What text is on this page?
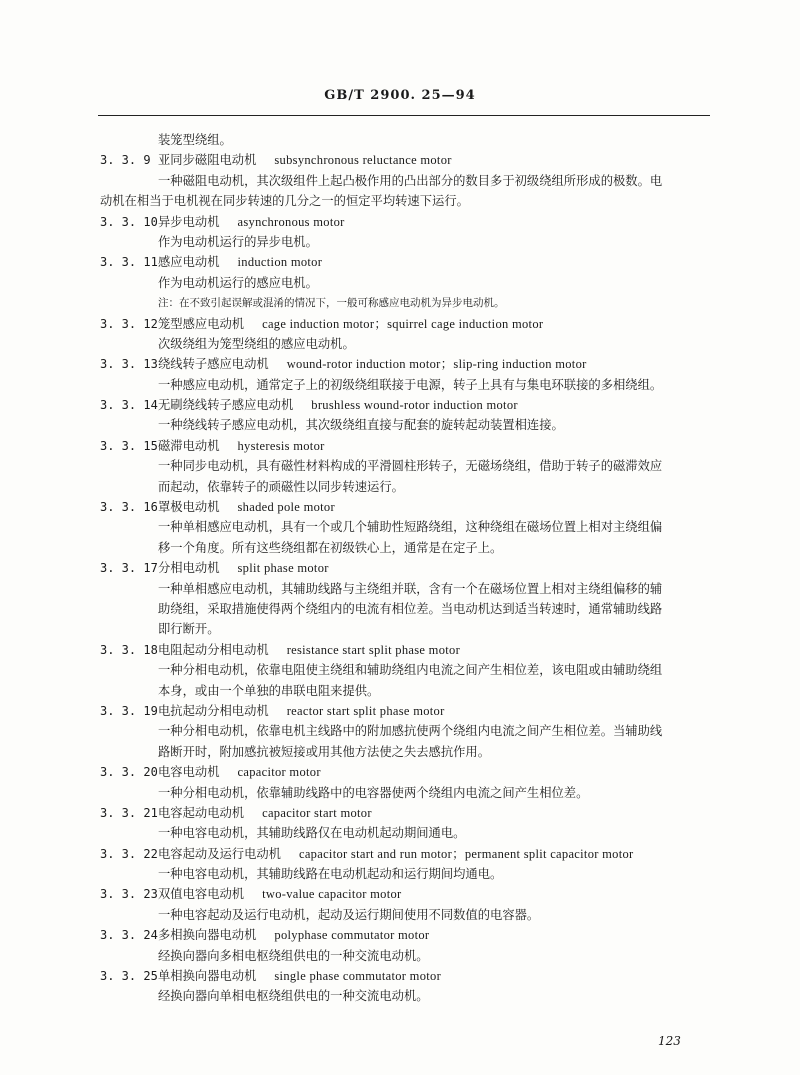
GB/T 2900. 25—94
装笼型绕组。
3. 3. 9 亚同步磁阻电动机 subsynchronous reluctance motor
一种磁阻电动机，其次级组件上起凸极作用的凸出部分的数目多于初级绕组所形成的极数。电
动机在相当于电机视在同步转速的几分之一的恒定平均转速下运行。
3. 3. 10 异步电动机 asynchronous motor
作为电动机运行的异步电机。
3. 3. 11 感应电动机 induction motor
作为电动机运行的感应电机。
注：在不致引起误解或混淆的情况下，一般可称感应电动机为异步电动机。
3. 3. 12 笼型感应电动机 cage induction motor；squirrel cage induction motor
次级绕组为笼型绕组的感应电动机。
3. 3. 13 绕线转子感应电动机 wound-rotor induction motor；slip-ring induction motor
一种感应电动机，通常定子上的初级绕组联接于电源，转子上具有与集电环联接的多相绕组。
3. 3. 14 无刷绕线转子感应电动机 brushless wound-rotor induction motor
一种绕线转子感应电动机，其次级绕组直接与配套的旋转起动装置相连接。
3. 3. 15 磁滞电动机 hysteresis motor
一种同步电动机，具有磁性材料构成的平滑圆柱形转子，无磁场绕组，借助于转子的磁滞效应
而起动，依靠转子的顽磁性以同步转速运行。
3. 3. 16 罩极电动机 shaded pole motor
一种单相感应电动机，具有一个或几个辅助性短路绕组，这种绕组在磁场位置上相对主绕组偏
移一个角度。所有这些绕组都在初级铁心上，通常是在定子上。
3. 3. 17 分相电动机 split phase motor
一种单相感应电动机，其辅助线路与主绕组并联，含有一个在磁场位置上相对主绕组偏移的辅
助绕组，采取措施使得两个绕组内的电流有相位差。当电动机达到适当转速时，通常辅助线路
即行断开。
3. 3. 18 电阻起动分相电动机 resistance start split phase motor
一种分相电动机，依靠电阻使主绕组和辅助绕组内电流之间产生相位差，该电阻或由辅助绕组
本身，或由一个单独的串联电阻来提供。
3. 3. 19 电抗起动分相电动机 reactor start split phase motor
一种分相电动机，依靠电机主线路中的附加感抗使两个绕组内电流之间产生相位差。当辅助线
路断开时，附加感抗被短接或用其他方法使之失去感抗作用。
3. 3. 20 电容电动机 capacitor motor
一种分相电动机，依靠辅助线路中的电容器使两个绕组内电流之间产生相位差。
3. 3. 21 电容起动电动机 capacitor start motor
一种电容电动机，其辅助线路仅在电动机起动期间通电。
3. 3. 22 电容起动及运行电动机 capacitor start and run motor；permanent split capacitor motor
一种电容电动机，其辅助线路在电动机起动和运行期间均通电。
3. 3. 23 双值电容电动机 two-value capacitor motor
一种电容起动及运行电动机，起动及运行期间使用不同数值的电容器。
3. 3. 24 多相换向器电动机 polyphase commutator motor
经换向器向多相电枢绕组供电的一种交流电动机。
3. 3. 25 单相换向器电动机 single phase commutator motor
经换向器向单相电枢绕组供电的一种交流电动机。
123
